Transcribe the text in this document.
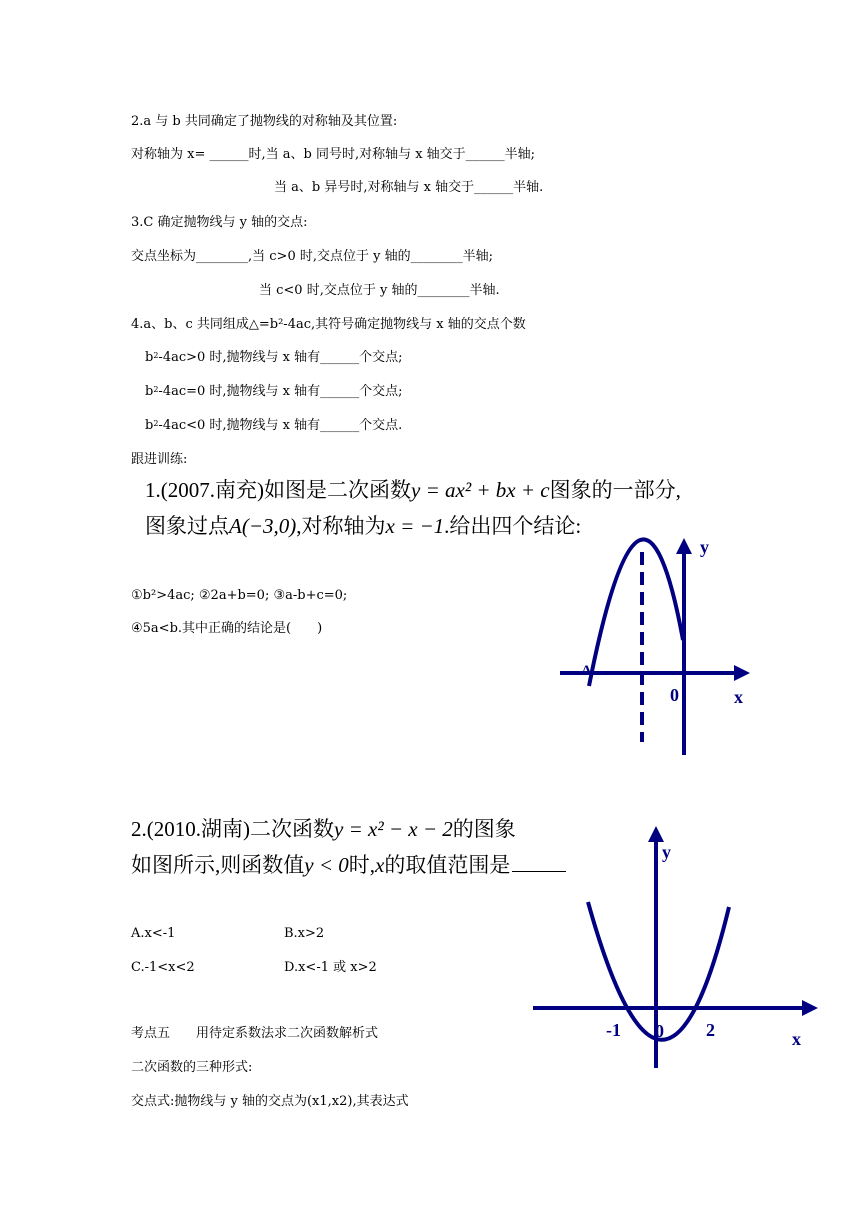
2.a 与 b 共同确定了抛物线的对称轴及其位置:
对称轴为 x= ______时,当 a、b 同号时,对称轴与 x 轴交于______半轴;
当 a、b 异号时,对称轴与 x 轴交于______半轴.
3.C 确定抛物线与 y 轴的交点:
交点坐标为________,当 c>0 时,交点位于 y 轴的________半轴;
当 c<0 时,交点位于 y 轴的________半轴.
4.a、b、c 共同组成△=b²-4ac,其符号确定抛物线与 x 轴的交点个数
$b^2-4ac>0$ 时,抛物线与 x 轴有______个交点;
$b^2-4ac=0$ 时,抛物线与 x 轴有______个交点;
$b^2-4ac<0$ 时,抛物线与 x 轴有______个交点.
跟进训练:
1.(2007.南充)如图是二次函数y = ax² + bx + c图象的一部分,
图象过点A(−3,0),对称轴为x = −1.给出四个结论:
①b²>4ac; ②2a+b=0; ③a-b+c=0;
④5a<b.其中正确的结论是(　　)
y
x
0
A
2.(2010.湖南)二次函数y = x² − x − 2的图象
如图所示,则函数值y < 0时,x的取值范围是
A.x<-1	B.x>2
C.-1<x<2	D.x<-1 或 x>2
y
x
0
-1	2
考点五　　用待定系数法求二次函数解析式
二次函数的三种形式:
交点式:抛物线与 y 轴的交点为(x1,x2),其表达式
